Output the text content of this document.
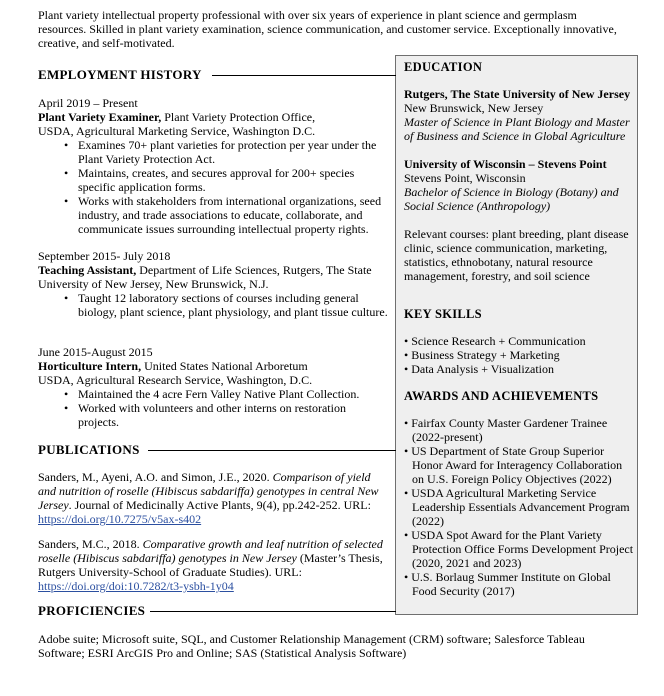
Plant variety intellectual property professional with over six years of experience in plant science and germplasm resources. Skilled in plant variety examination, science communication, and customer service. Exceptionally innovative, creative, and self-motivated.
EDUCATION

Rutgers, The State University of New Jersey

New Brunswick, New Jersey

Master of Science in Plant Biology and Master of Business and Science in Global Agriculture

University of Wisconsin – Stevens Point

Stevens Point, Wisconsin

Bachelor of Science in Biology (Botany) and Social Science (Anthropology)

Relevant courses: plant breeding, plant disease clinic, science communication, marketing, statistics, ethnobotany, natural resource management, forestry, and soil science

KEY SKILLS
• Science Research + Communication
• Business Strategy + Marketing
• Data Analysis + Visualization
AWARDS AND ACHIEVEMENTS
• Fairfax County Master Gardener Trainee (2022-present)
• US Department of State Group Superior Honor Award for Interagency Collaboration on U.S. Foreign Policy Objectives (2022)
• USDA Agricultural Marketing Service Leadership Essentials Advancement Program (2022)
• USDA Spot Award for the Plant Variety Protection Office Forms Development Project (2020, 2021 and 2023)
• U.S. Borlaug Summer Institute on Global Food Security (2017)
EMPLOYMENT HISTORY

April 2019 – Present

Plant Variety Examiner, Plant Variety Protection Office,

USDA, Agricultural Marketing Service, Washington D.C.

• Examines 70+ plant varieties for protection per year under the Plant Variety Protection Act.
• Maintains, creates, and secures approval for 200+ species specific application forms.
• Works with stakeholders from international organizations, seed industry, and trade associations to educate, collaborate, and communicate issues surrounding intellectual property rights.

September 2015- July 2018

Teaching Assistant, Department of Life Sciences, Rutgers, The State

University of New Jersey, New Brunswick, N.J.

• Taught 12 laboratory sections of courses including general biology, plant science, plant physiology, and plant tissue culture.

June 2015-August 2015

Horticulture Intern, United States National Arboretum

USDA, Agricultural Research Service, Washington, D.C.

• Maintained the 4 acre Fern Valley Native Plant Collection.
• Worked with volunteers and other interns on restoration projects.
PUBLICATIONS

Sanders, M., Ayeni, A.O. and Simon, J.E., 2020. Comparison of yield and nutrition of roselle (Hibiscus sabdariffa) genotypes in central New Jersey. Journal of Medicinally Active Plants, 9(4), pp.242-252. URL: https://doi.org/10.7275/v5ax-s402

Sanders, M.C., 2018. Comparative growth and leaf nutrition of selected roselle (Hibiscus sabdariffa) genotypes in New Jersey (Master’s Thesis, Rutgers University-School of Graduate Studies). URL: https://doi.org/doi:10.7282/t3-ysbh-1y04

PROFICIENCIES
Adobe suite; Microsoft suite, SQL, and Customer Relationship Management (CRM) software; Salesforce Tableau Software; ESRI ArcGIS Pro and Online; SAS (Statistical Analysis Software)
